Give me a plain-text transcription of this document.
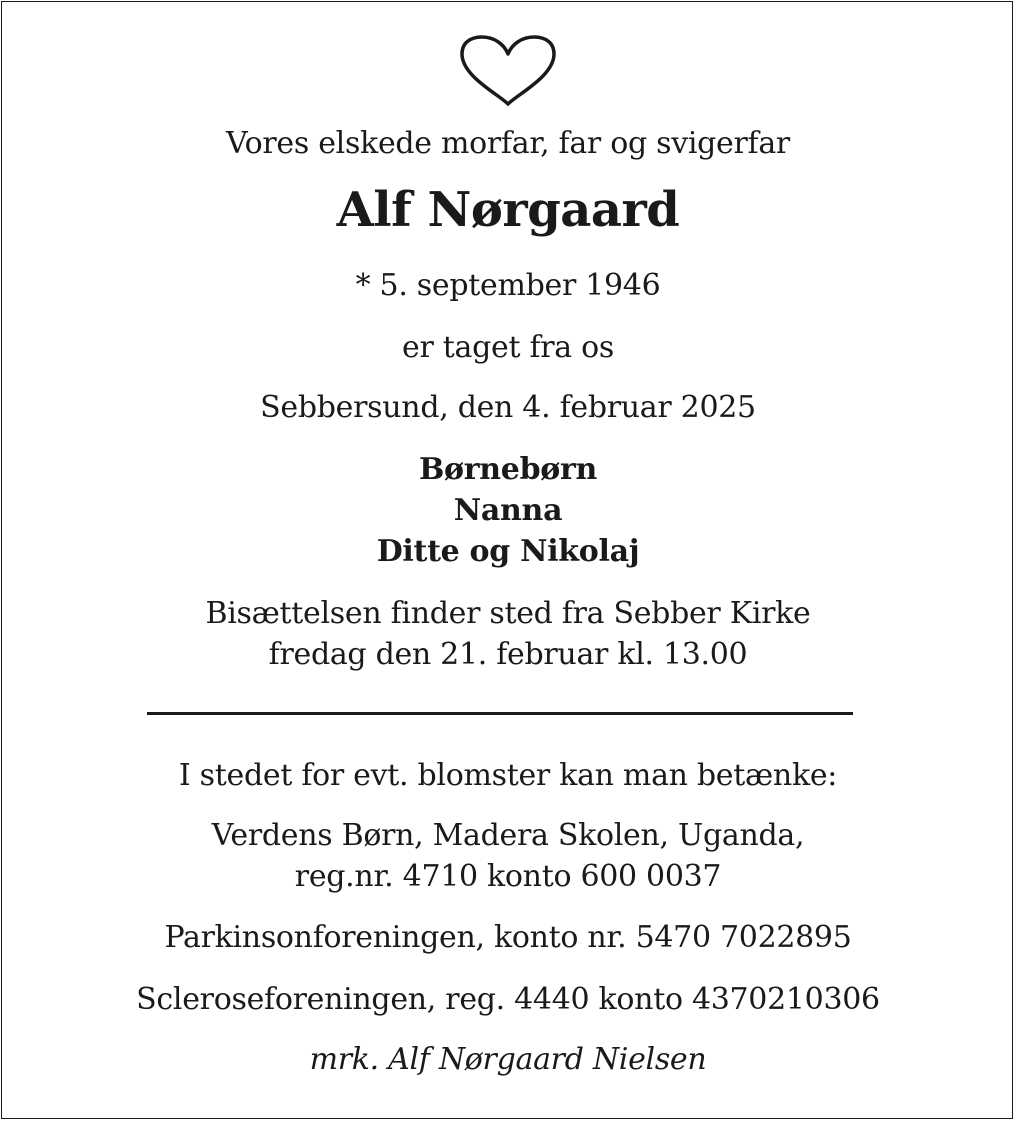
Vores elskede morfar, far og svigerfar
Alf Nørgaard
* 5. september 1946
er taget fra os
Sebbersund, den 4. februar 2025
Børnebørn
Nanna
Ditte og Nikolaj
Bisættelsen finder sted fra Sebber Kirke
fredag den 21. februar kl. 13.00
I stedet for evt. blomster kan man betænke:
Verdens Børn, Madera Skolen, Uganda,
reg.nr. 4710 konto 600 0037
Parkinsonforeningen, konto nr. 5470 7022895
Scleroseforeningen, reg. 4440 konto 4370210306
mrk. Alf Nørgaard Nielsen
